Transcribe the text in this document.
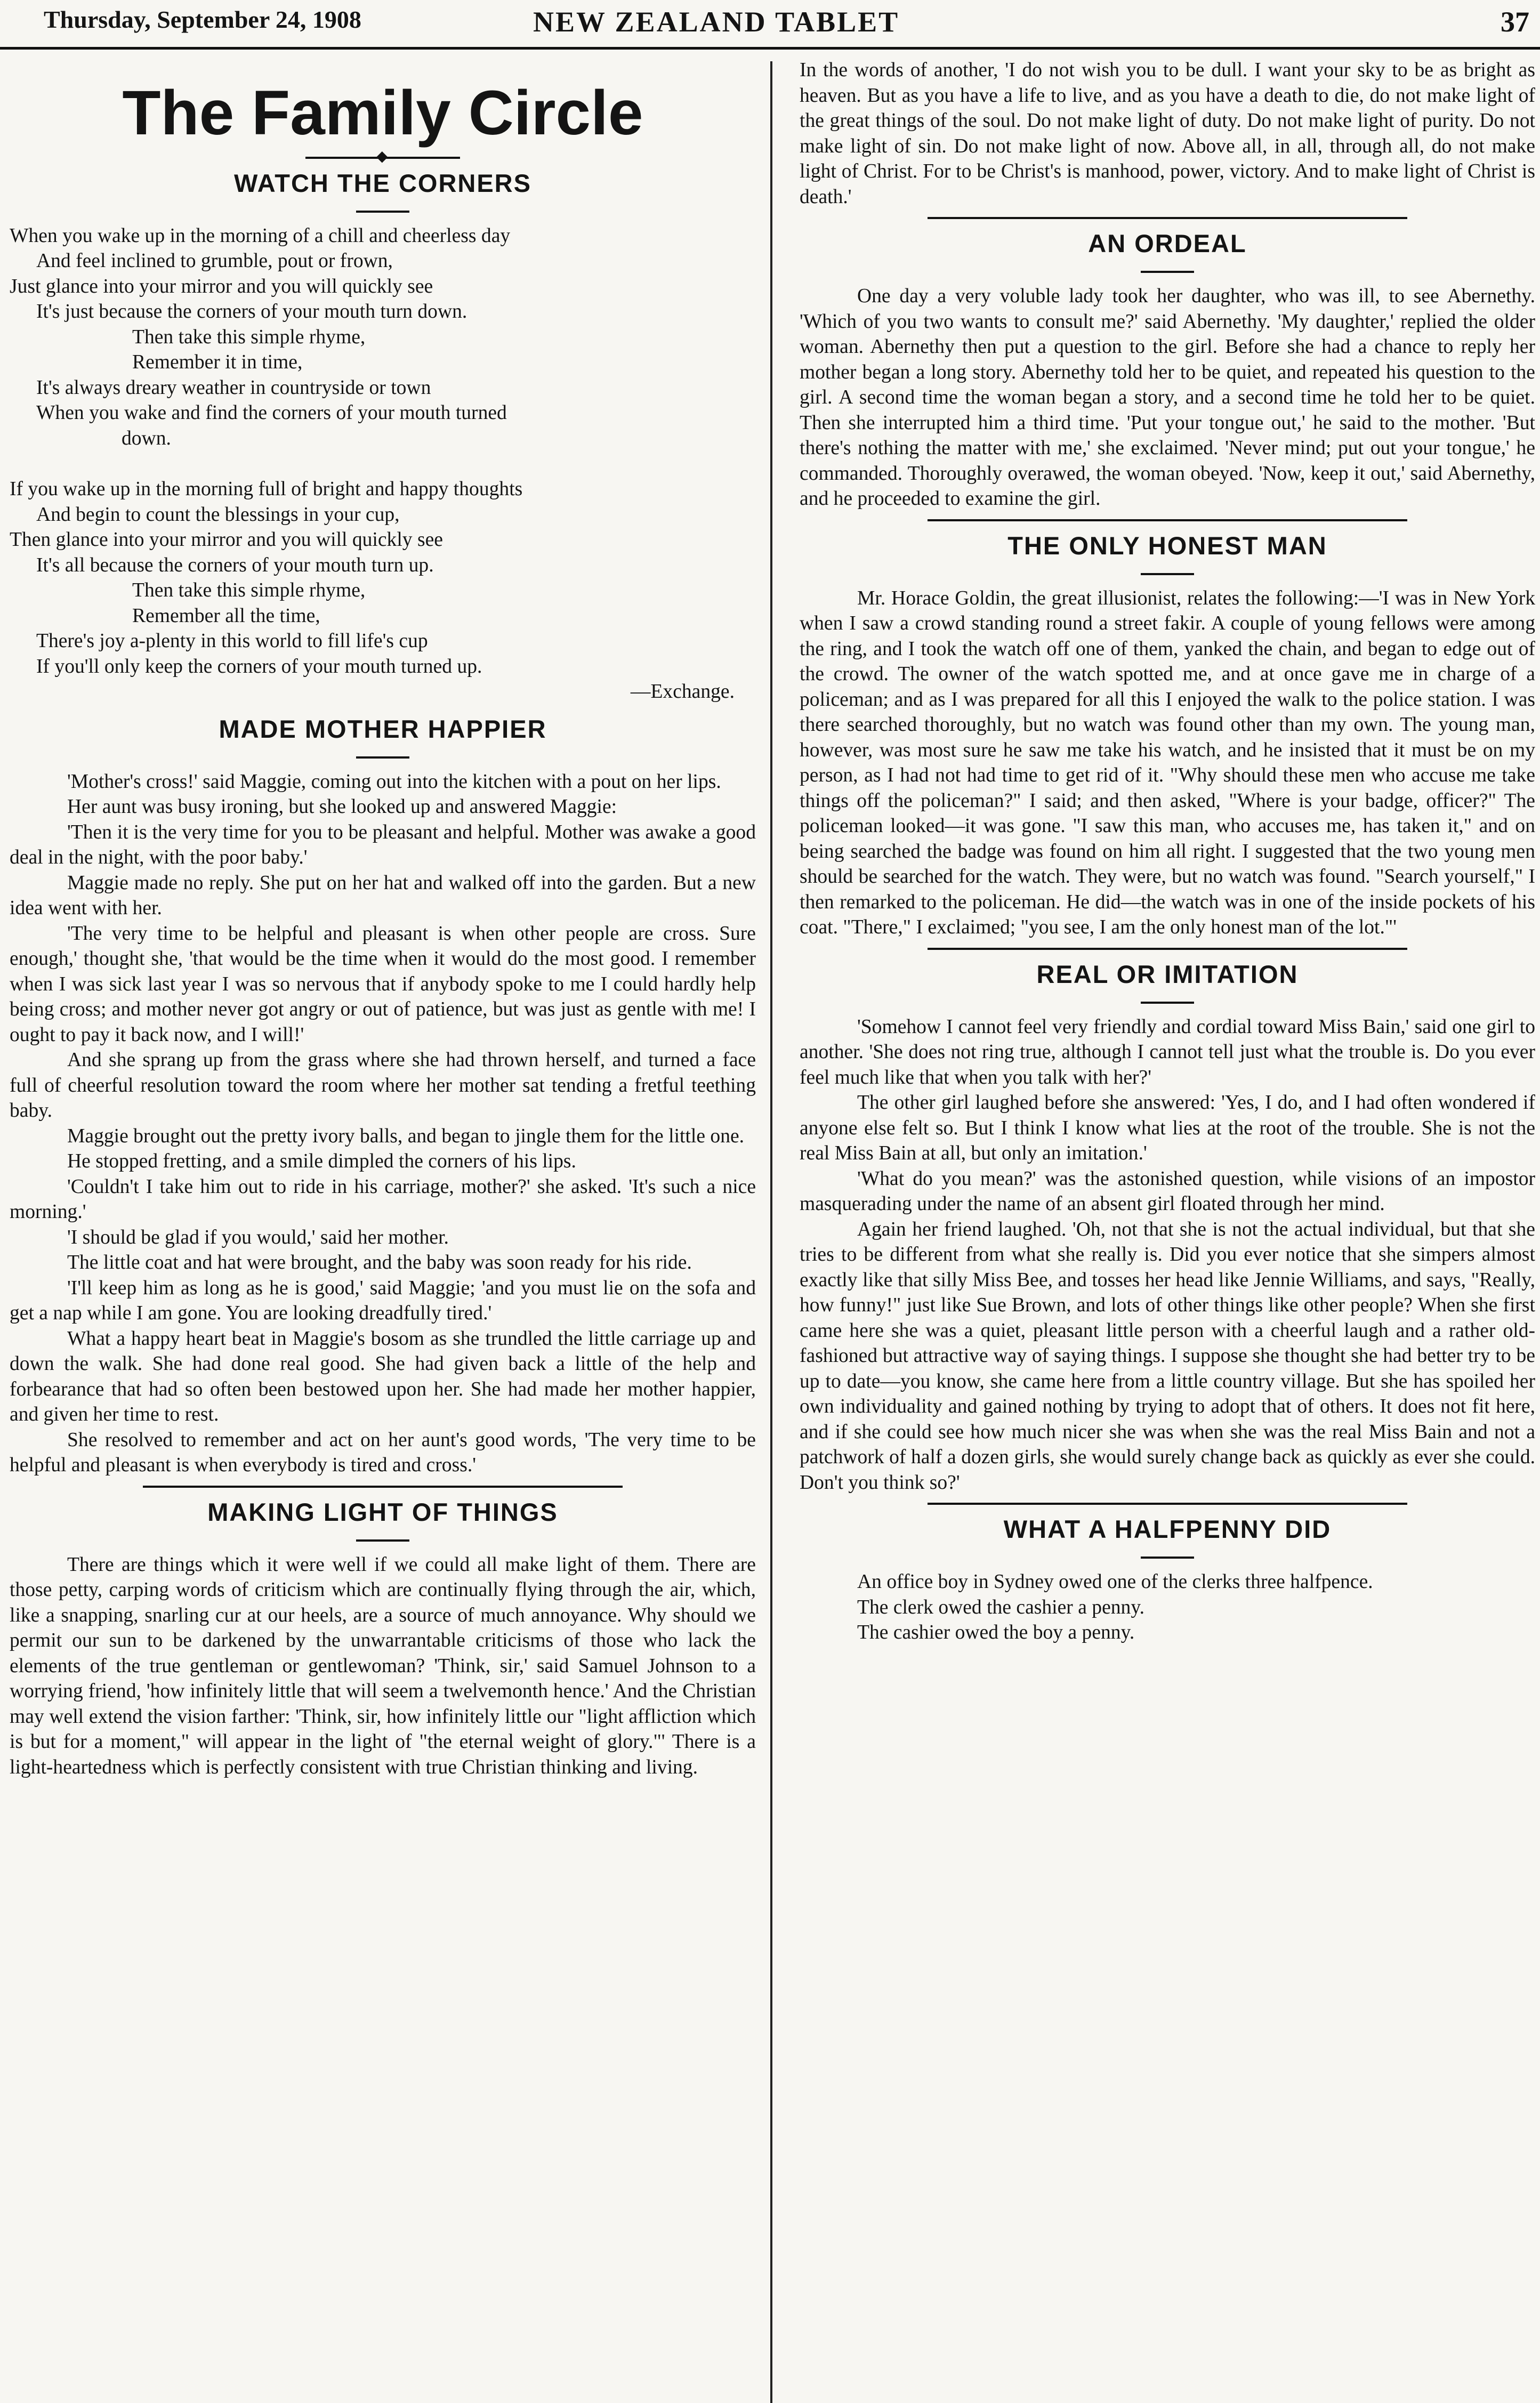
Thursday, September 24, 1908	NEW ZEALAND TABLET	37
The Family Circle
◆
WATCH THE CORNERS
When you wake up in the morning of a chill and cheerless day
And feel inclined to grumble, pout or frown,
Just glance into your mirror and you will quickly see
It's just because the corners of your mouth turn down.
Then take this simple rhyme,
Remember it in time,
It's always dreary weather in countryside or town
When you wake and find the corners of your mouth turned
down.
If you wake up in the morning full of bright and happy thoughts
And begin to count the blessings in your cup,
Then glance into your mirror and you will quickly see
It's all because the corners of your mouth turn up.
Then take this simple rhyme,
Remember all the time,
There's joy a-plenty in this world to fill life's cup
If you'll only keep the corners of your mouth turned up.
—Exchange.
MADE MOTHER HAPPIER

'Mother's cross!' said Maggie, coming out into the kitchen with a pout on her lips.

Her aunt was busy ironing, but she looked up and answered Maggie:

'Then it is the very time for you to be pleasant and helpful. Mother was awake a good deal in the night, with the poor baby.'

Maggie made no reply. She put on her hat and walked off into the garden. But a new idea went with her.

'The very time to be helpful and pleasant is when other people are cross. Sure enough,' thought she, 'that would be the time when it would do the most good. I remember when I was sick last year I was so nervous that if anybody spoke to me I could hardly help being cross; and mother never got angry or out of patience, but was just as gentle with me! I ought to pay it back now, and I will!'

And she sprang up from the grass where she had thrown herself, and turned a face full of cheerful resolution toward the room where her mother sat tending a fretful teething baby.

Maggie brought out the pretty ivory balls, and began to jingle them for the little one.

He stopped fretting, and a smile dimpled the corners of his lips.

'Couldn't I take him out to ride in his carriage, mother?' she asked. 'It's such a nice morning.'

'I should be glad if you would,' said her mother.

The little coat and hat were brought, and the baby was soon ready for his ride.

'I'll keep him as long as he is good,' said Maggie; 'and you must lie on the sofa and get a nap while I am gone. You are looking dreadfully tired.'

What a happy heart beat in Maggie's bosom as she trundled the little carriage up and down the walk. She had done real good. She had given back a little of the help and forbearance that had so often been bestowed upon her. She had made her mother happier, and given her time to rest.

She resolved to remember and act on her aunt's good words, 'The very time to be helpful and pleasant is when everybody is tired and cross.'

MAKING LIGHT OF THINGS

There are things which it were well if we could all make light of them. There are those petty, carping words of criticism which are continually flying through the air, which, like a snapping, snarling cur at our heels, are a source of much annoyance. Why should we permit our sun to be darkened by the unwarrantable criticisms of those who lack the elements of the true gentleman or gentlewoman? 'Think, sir,' said Samuel Johnson to a worrying friend, 'how infinitely little that will seem a twelvemonth hence.' And the Christian may well extend the vision farther: 'Think, sir, how infinitely little our "light affliction which is but for a moment," will appear in the light of "the eternal weight of glory."' There is a light-heartedness which is perfectly consistent with true Christian thinking and living.

In the words of another, 'I do not wish you to be dull. I want your sky to be as bright as heaven. But as you have a life to live, and as you have a death to die, do not make light of the great things of the soul. Do not make light of duty. Do not make light of purity. Do not make light of sin. Do not make light of now. Above all, in all, through all, do not make light of Christ. For to be Christ's is manhood, power, victory. And to make light of Christ is death.'

AN ORDEAL

One day a very voluble lady took her daughter, who was ill, to see Abernethy. 'Which of you two wants to consult me?' said Abernethy. 'My daughter,' replied the older woman. Abernethy then put a question to the girl. Before she had a chance to reply her mother began a long story. Abernethy told her to be quiet, and repeated his question to the girl. A second time the woman began a story, and a second time he told her to be quiet. Then she interrupted him a third time. 'Put your tongue out,' he said to the mother. 'But there's nothing the matter with me,' she exclaimed. 'Never mind; put out your tongue,' he commanded. Thoroughly overawed, the woman obeyed. 'Now, keep it out,' said Abernethy, and he proceeded to examine the girl.

THE ONLY HONEST MAN

Mr. Horace Goldin, the great illusionist, relates the following:—'I was in New York when I saw a crowd standing round a street fakir. A couple of young fellows were among the ring, and I took the watch off one of them, yanked the chain, and began to edge out of the crowd. The owner of the watch spotted me, and at once gave me in charge of a policeman; and as I was prepared for all this I enjoyed the walk to the police station. I was there searched thoroughly, but no watch was found other than my own. The young man, however, was most sure he saw me take his watch, and he insisted that it must be on my person, as I had not had time to get rid of it. "Why should these men who accuse me take things off the policeman?" I said; and then asked, "Where is your badge, officer?" The policeman looked—it was gone. "I saw this man, who accuses me, has taken it," and on being searched the badge was found on him all right. I suggested that the two young men should be searched for the watch. They were, but no watch was found. "Search yourself," I then remarked to the policeman. He did—the watch was in one of the inside pockets of his coat. "There," I exclaimed; "you see, I am the only honest man of the lot."'

REAL OR IMITATION

'Somehow I cannot feel very friendly and cordial toward Miss Bain,' said one girl to another. 'She does not ring true, although I cannot tell just what the trouble is. Do you ever feel much like that when you talk with her?'

The other girl laughed before she answered: 'Yes, I do, and I had often wondered if anyone else felt so. But I think I know what lies at the root of the trouble. She is not the real Miss Bain at all, but only an imitation.'

'What do you mean?' was the astonished question, while visions of an impostor masquerading under the name of an absent girl floated through her mind.

Again her friend laughed. 'Oh, not that she is not the actual individual, but that she tries to be different from what she really is. Did you ever notice that she simpers almost exactly like that silly Miss Bee, and tosses her head like Jennie Williams, and says, "Really, how funny!" just like Sue Brown, and lots of other things like other people? When she first came here she was a quiet, pleasant little person with a cheerful laugh and a rather old-fashioned but attractive way of saying things. I suppose she thought she had better try to be up to date—you know, she came here from a little country village. But she has spoiled her own individuality and gained nothing by trying to adopt that of others. It does not fit here, and if she could see how much nicer she was when she was the real Miss Bain and not a patchwork of half a dozen girls, she would surely change back as quickly as ever she could. Don't you think so?'

WHAT A HALFPENNY DID

An office boy in Sydney owed one of the clerks three halfpence.

The clerk owed the cashier a penny.

The cashier owed the boy a penny.
